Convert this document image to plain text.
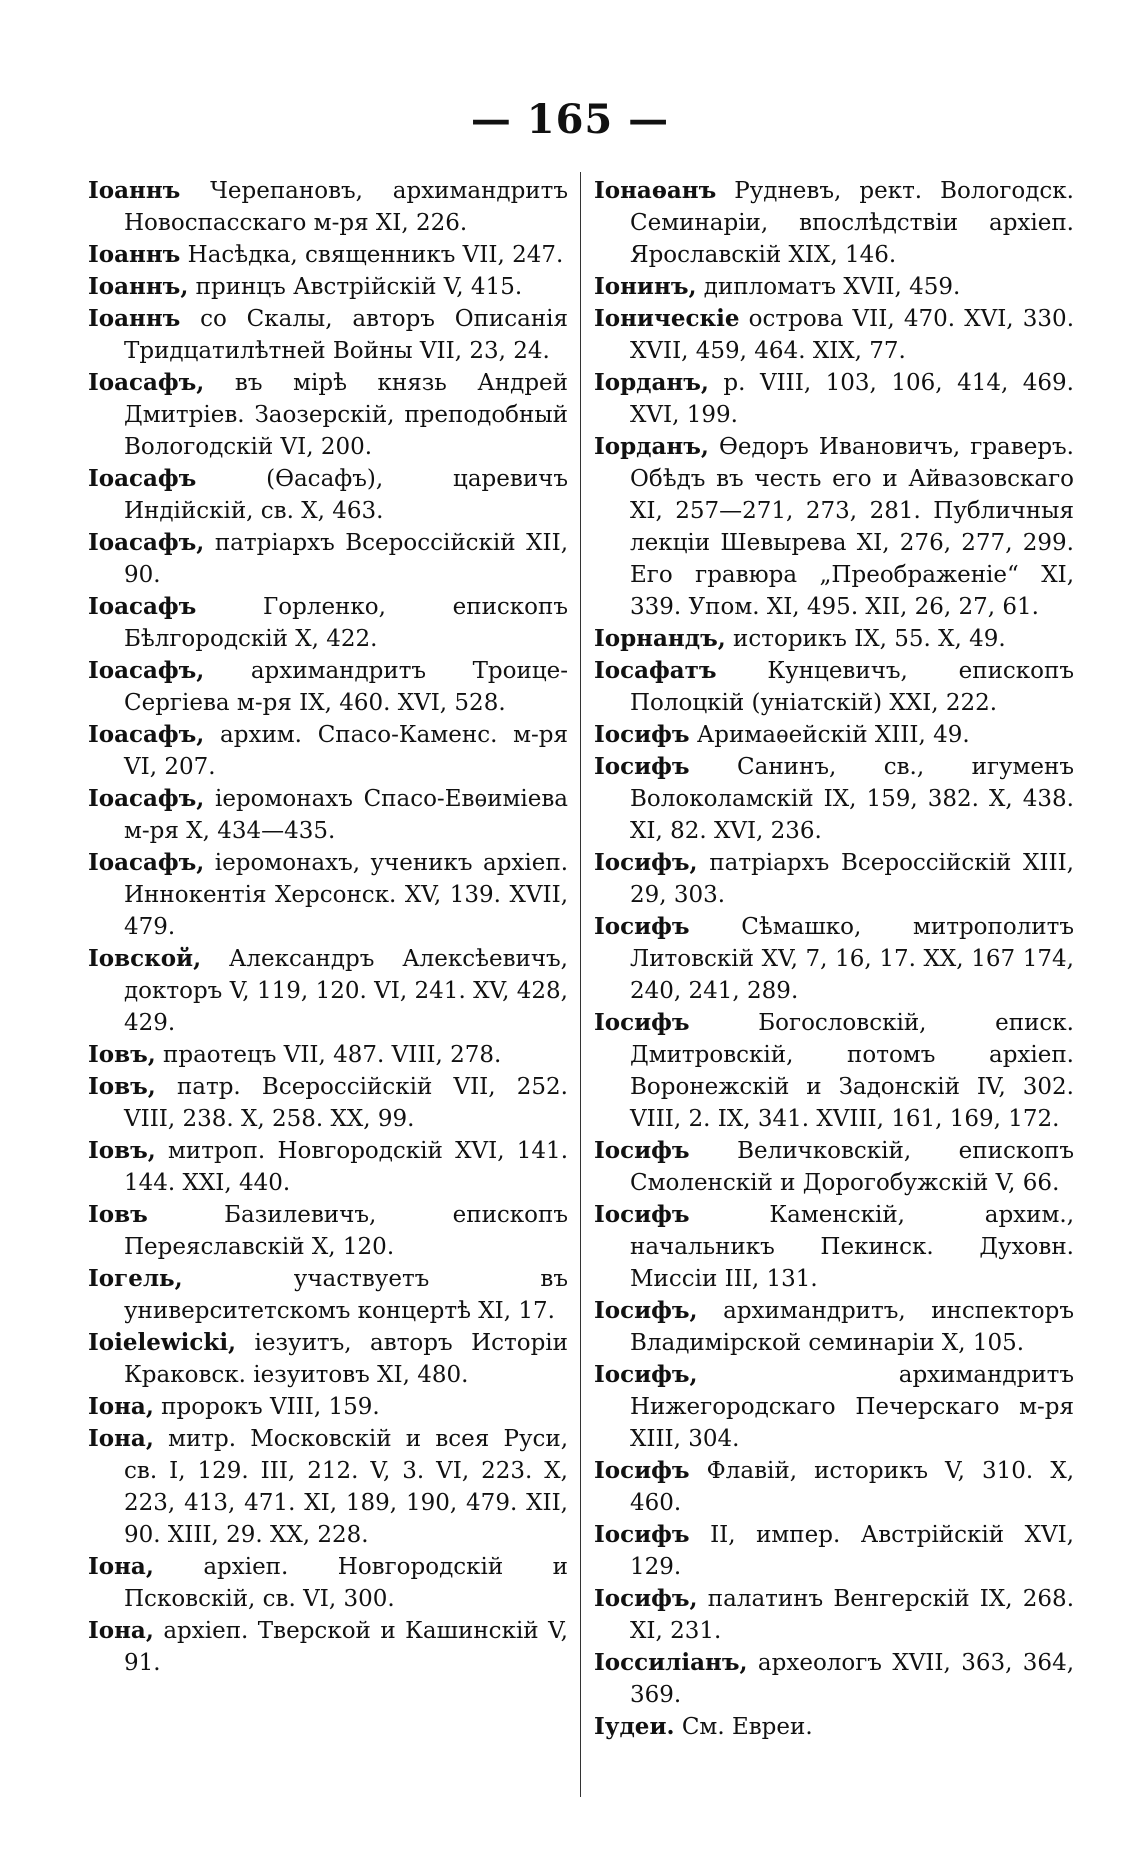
— 165 —

Іоаннъ Черепановъ, архимандритъ Новоспасскаго м-ря XI, 226.

Іоаннъ Насѣдка, священникъ VII, 247.

Іоаннъ, принцъ Австрійскій V, 415.

Іоаннъ со Скалы, авторъ Описанія Тридцатилѣтней Войны VII, 23, 24.

Іоасафъ, въ мірѣ князь Андрей Дмитріев. Заозерскій, преподобный Вологодскій VI, 200.

Іоасафъ	(Ѳасафъ), царевичъ Индійскій, св. X, 463.

Іоасафъ, патріархъ Всероссійскій XII, 90.

Іоасафъ	Горленко, епископъ Бѣлгородскій X, 422.

Іоасафъ, архимандритъ Троице-Сергіева м-ря IX, 460. XVI, 528.

Іоасафъ, архим. Спасо-Каменс. м-ря VI, 207.

Іоасафъ, іеромонахъ Спасо-Евѳиміева м-ря X, 434—435.

Іоасафъ, іеромонахъ, ученикъ архіеп. Иннокентія Херсонск. XV, 139. XVII, 479.

Іовской, Александръ Алексѣевичъ, докторъ V, 119, 120. VI, 241. XV, 428, 429.

Іовъ, праотецъ VII, 487. VIII, 278.

Іовъ, патр. Всероссійскій VII, 252. VIII, 238. X, 258. XX, 99.

Іовъ, митроп. Новгородскій XVI, 141. 144. XXI, 440.

Іовъ	Базилевичъ, епископъ Переяславскій X, 120.

Іогель,	участвуетъ въ университетскомъ концертѣ XI, 17.

Ioielewicki, іезуитъ, авторъ Исторіи Краковск. іезуитовъ XI, 480.

Іона, пророкъ VIII, 159.

Іона, митр. Московскій и всея Руси, св. I, 129. III, 212. V, 3. VI, 223. X, 223, 413, 471. XI, 189, 190, 479. XII, 90. XIII, 29. XX, 228.

Іона, архіеп. Новгородскій и Псковскій, св. VI, 300.

Іона, архіеп. Тверской и Кашинскій V, 91.

Іонаѳанъ Рудневъ, рект. Вологодск. Семинаріи, впослѣдствіи архіеп. Ярославскій XIX, 146.

Іонинъ, дипломатъ XVII, 459.

Іоническіе острова VII, 470. XVI, 330. XVII, 459, 464. XIX, 77.

Іорданъ, р. VIII, 103, 106, 414, 469. XVI, 199.

Іорданъ, Ѳедоръ Ивановичъ, граверъ. Обѣдъ въ честь его и Айвазовскаго XI, 257—271, 273, 281. Публичныя лекціи Шевырева XI, 276, 277, 299. Его гравюра „Преображеніе“ XI, 339. Упом. XI, 495. XII, 26, 27, 61.

Іорнандъ, историкъ IX, 55. X, 49.

Іосафатъ Кунцевичъ, епископъ Полоцкій (уніатскій) XXI, 222.

Іосифъ Аримаѳейскій XIII, 49.

Іосифъ Санинъ, св., игуменъ Волоколамскій IX, 159, 382. X, 438. XI, 82. XVI, 236.

Іосифъ, патріархъ Всероссійскій XIII, 29, 303.

Іосифъ Сѣмашко, митрополитъ Литовскій XV, 7, 16, 17. XX, 167 174, 240, 241, 289.

Іосифъ	Богословскій, еписк. Дмитровскій, потомъ архіеп. Воронежскій и Задонскій IV, 302. VIII, 2. IX, 341. XVIII, 161, 169, 172.

Іосифъ Величковскій, епископъ Смоленскій и Дорогобужскій V, 66.

Іосифъ	Каменскій, архим., начальникъ Пекинск. Духовн. Миссіи III, 131.

Іосифъ, архимандритъ, инспекторъ Владимірской семинаріи X, 105.

Іосифъ,	архимандритъ Нижегородскаго Печерскаго м-ря XIII, 304.

Іосифъ Флавій, историкъ V, 310. X, 460.

Іосифъ II, импер. Австрійскій XVI, 129.

Іосифъ, палатинъ Венгерскій IX, 268. XI, 231.

Іоссиліанъ, археологъ XVII, 363, 364, 369.

Іудеи. См. Евреи.
